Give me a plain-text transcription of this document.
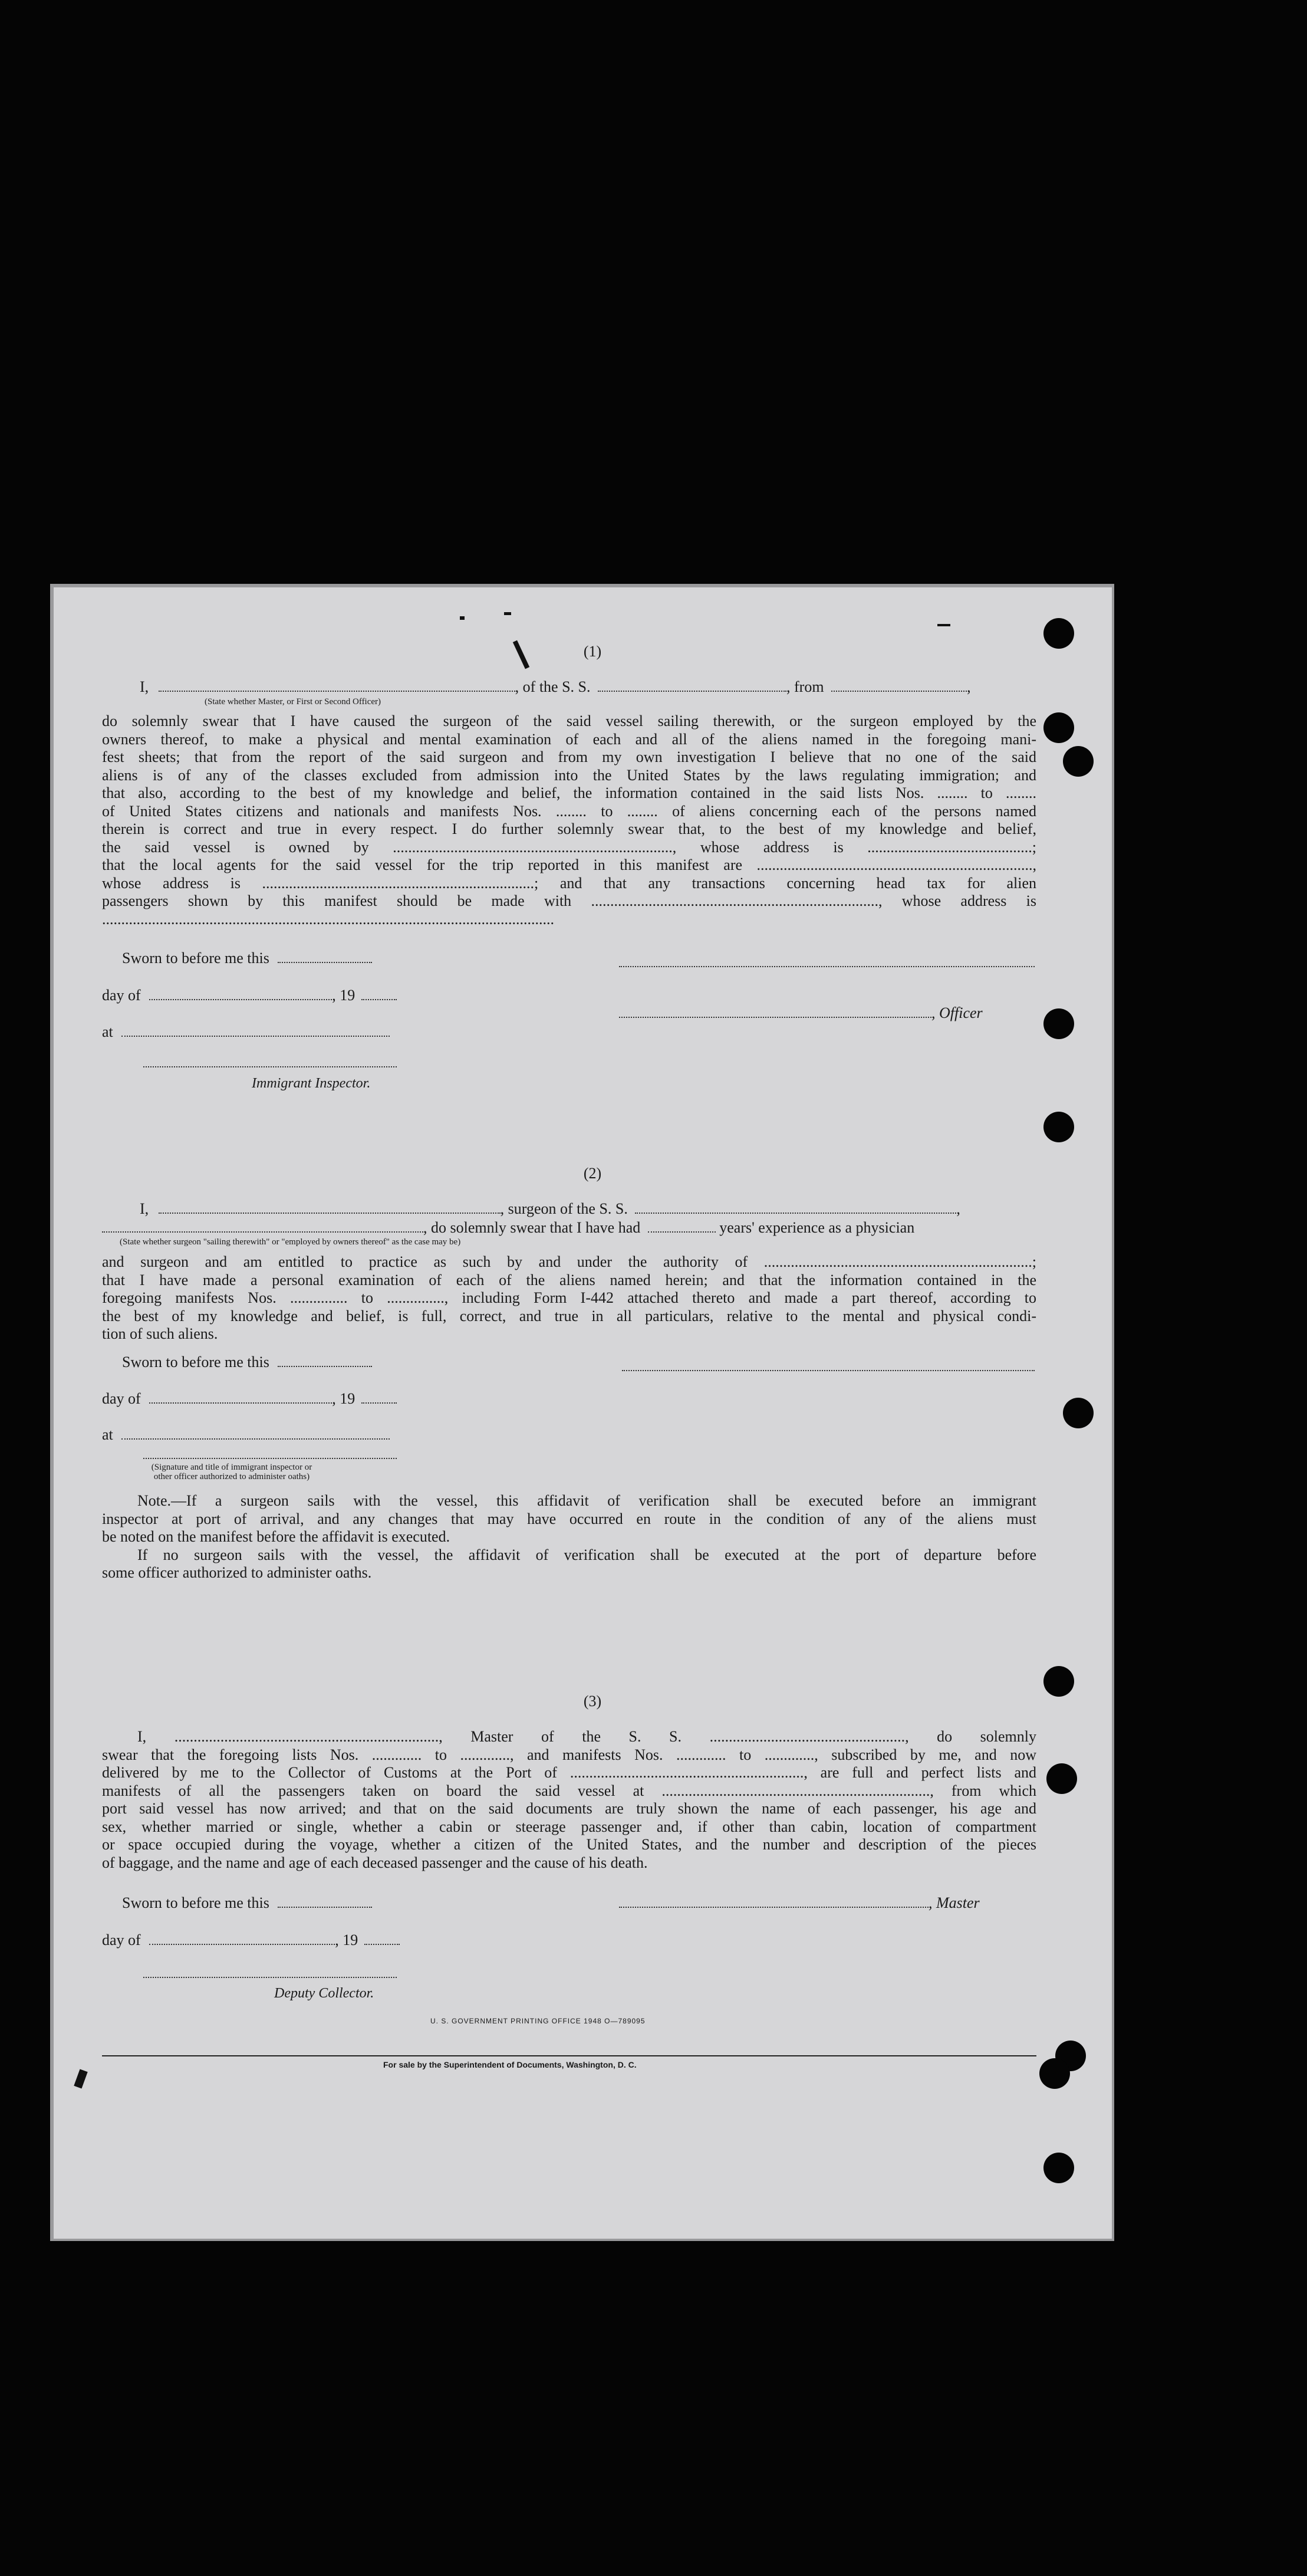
(1)
I,	, of the S. S.	, from	,
(State whether Master, or First or Second Officer)
do solemnly swear that I have caused the surgeon of the said vessel sailing therewith, or the surgeon employed by the
owners thereof, to make a physical and mental examination of each and all of the aliens named in the foregoing mani-
fest sheets; that from the report of the said surgeon and from my own investigation I believe that no one of the said
aliens is of any of the classes excluded from admission into the United States by the laws regulating immigration; and
that also, according to the best of my knowledge and belief, the information contained in the said lists Nos. ........ to ........
of United States citizens and nationals and manifests Nos. ........ to ........ of aliens concerning each of the persons named
therein is correct and true in every respect. I do further solemnly swear that, to the best of my knowledge and belief,
the said vessel is owned by ........................................................................., whose address is ...........................................;
that the local agents for the said vessel for the trip reported in this manifest are ........................................................................,
whose address is .......................................................................; and that any transactions concerning head tax for alien
passengers shown by this manifest should be made with ..........................................................................., whose address is
......................................................................................................................
Sworn to before me this
day of	, 19
, Officer
at
Immigrant Inspector.
(2)
I,	, surgeon of the S. S.	,
, do solemnly swear that I have had	years' experience as a physician
(State whether surgeon "sailing therewith" or "employed by owners thereof" as the case may be)
and surgeon and am entitled to practice as such by and under the authority of ......................................................................;
that I have made a personal examination of each of the aliens named herein; and that the information contained in the
foregoing manifests Nos. ............... to ..............., including Form I-442 attached thereto and made a part thereof, according to
the best of my knowledge and belief, is full, correct, and true in all particulars, relative to the mental and physical condi-
tion of such aliens.
Sworn to before me this
day of	, 19
at
(Signature and title of immigrant inspector or other officer authorized to administer oaths)
Note.—If a surgeon sails with the vessel, this affidavit of verification shall be executed before an immigrant
inspector at port of arrival, and any changes that may have occurred en route in the condition of any of the aliens must
be noted on the manifest before the affidavit is executed.
If no surgeon sails with the vessel, the affidavit of verification shall be executed at the port of departure before
some officer authorized to administer oaths.
(3)
I, ....................................................................., Master of the S. S. ..................................................., do solemnly
swear that the foregoing lists Nos. ............. to ............., and manifests Nos. ............. to ............., subscribed by me, and now
delivered by me to the Collector of Customs at the Port of ............................................................., are full and perfect lists and
manifests of all the passengers taken on board the said vessel at ......................................................................, from which
port said vessel has now arrived; and that on the said documents are truly shown the name of each passenger, his age and
sex, whether married or single, whether a cabin or steerage passenger and, if other than cabin, location of compartment
or space occupied during the voyage, whether a citizen of the United States, and the number and description of the pieces
of baggage, and the name and age of each deceased passenger and the cause of his death.
Sworn to before me this	, Master
day of	, 19
Deputy Collector.
U. S. GOVERNMENT PRINTING OFFICE 1948 O—789095
For sale by the Superintendent of Documents, Washington, D. C.
